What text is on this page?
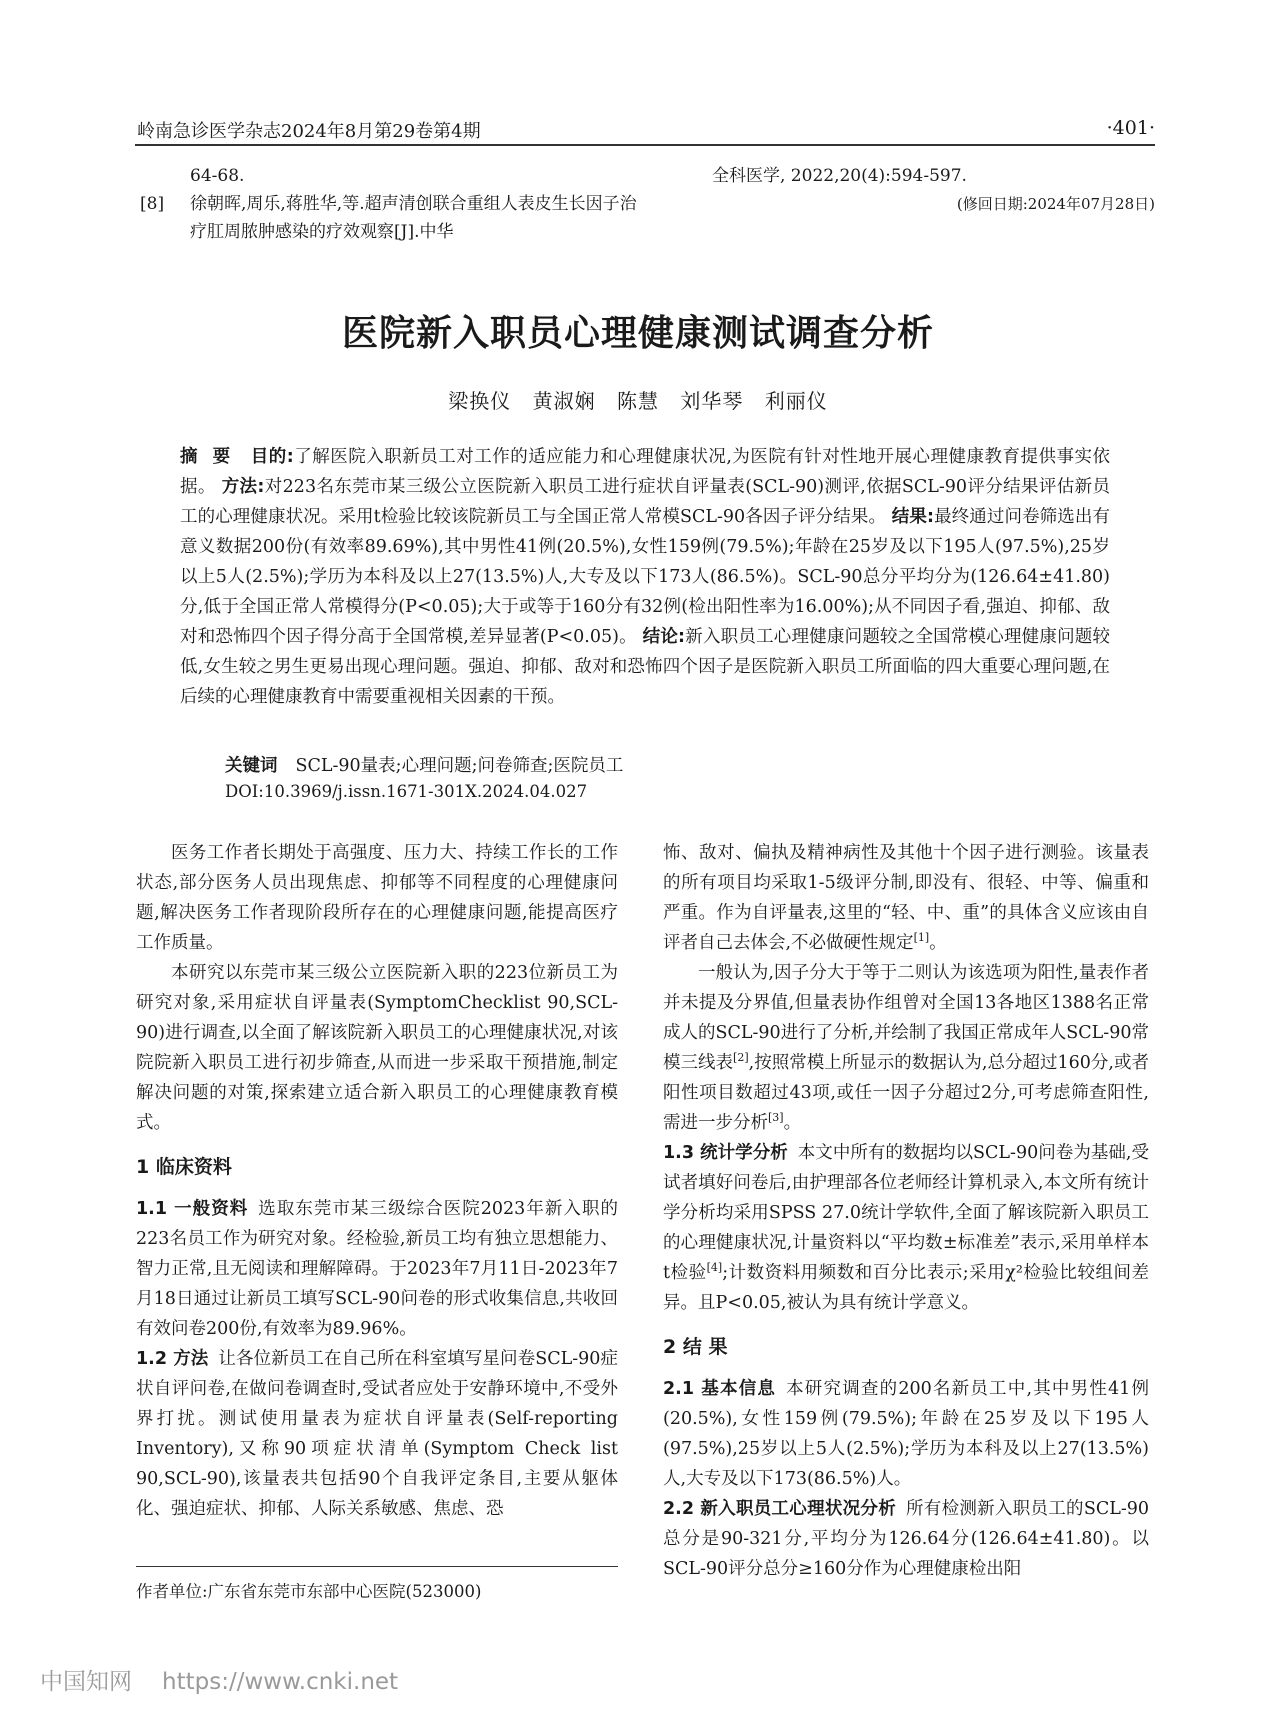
岭南急诊医学杂志2024年8月第29卷第4期	·401·
64-68.
[8]	徐朝晖,周乐,蒋胜华,等.超声清创联合重组人表皮生长因子治疗肛周脓肿感染的疗效观察[J].中华
全科医学, 2022,20(4):594-597.
(修回日期:2024年07月28日)
医院新入职员心理健康测试调查分析
梁换仪 黄淑娴 陈慧 刘华琴 利丽仪
摘 要 目的:了解医院入职新员工对工作的适应能力和心理健康状况,为医院有针对性地开展心理健康教育提供事实依据。 方法:对223名东莞市某三级公立医院新入职员工进行症状自评量表(SCL-90)测评,依据SCL-90评分结果评估新员工的心理健康状况。采用t检验比较该院新员工与全国正常人常模SCL-90各因子评分结果。 结果:最终通过问卷筛选出有意义数据200份(有效率89.69%),其中男性41例(20.5%),女性159例(79.5%);年龄在25岁及以下195人(97.5%),25岁以上5人(2.5%);学历为本科及以上27(13.5%)人,大专及以下173人(86.5%)。SCL-90总分平均分为(126.64±41.80)分,低于全国正常人常模得分(P<0.05);大于或等于160分有32例(检出阳性率为16.00%);从不同因子看,强迫、抑郁、敌对和恐怖四个因子得分高于全国常模,差异显著(P<0.05)。 结论:新入职员工心理健康问题较之全国常模心理健康问题较低,女生较之男生更易出现心理问题。强迫、抑郁、敌对和恐怖四个因子是医院新入职员工所面临的四大重要心理问题,在后续的心理健康教育中需要重视相关因素的干预。
关键词 SCL-90量表;心理问题;问卷筛查;医院员工
DOI:10.3969/j.issn.1671-301X.2024.04.027

医务工作者长期处于高强度、压力大、持续工作长的工作状态,部分医务人员出现焦虑、抑郁等不同程度的心理健康问题,解决医务工作者现阶段所存在的心理健康问题,能提高医疗工作质量。

本研究以东莞市某三级公立医院新入职的223位新员工为研究对象,采用症状自评量表(SymptomChecklist 90,SCL-90)进行调查,以全面了解该院新入职员工的心理健康状况,对该院院新入职员工进行初步筛查,从而进一步采取干预措施,制定解决问题的对策,探索建立适合新入职员工的心理健康教育模式。

1 临床资料

1.1 一般资料 选取东莞市某三级综合医院2023年新入职的223名员工作为研究对象。经检验,新员工均有独立思想能力、智力正常,且无阅读和理解障碍。于2023年7月11日-2023年7月18日通过让新员工填写SCL-90问卷的形式收集信息,共收回有效问卷200份,有效率为89.96%。

1.2 方法 让各位新员工在自己所在科室填写星问卷SCL-90症状自评问卷,在做问卷调查时,受试者应处于安静环境中,不受外界打扰。测试使用量表为症状自评量表(Self-reporting Inventory),又称90项症状清单(Symptom Check list 90,SCL-90),该量表共包括90个自我评定条目,主要从躯体化、强迫症状、抑郁、人际关系敏感、焦虑、恐

怖、敌对、偏执及精神病性及其他十个因子进行测验。该量表的所有项目均采取1-5级评分制,即没有、很轻、中等、偏重和严重。作为自评量表,这里的“轻、中、重”的具体含义应该由自评者自己去体会,不必做硬性规定[1]。

一般认为,因子分大于等于二则认为该选项为阳性,量表作者并未提及分界值,但量表协作组曾对全国13各地区1388名正常成人的SCL-90进行了分析,并绘制了我国正常成年人SCL-90常模三线表[2],按照常模上所显示的数据认为,总分超过160分,或者阳性项目数超过43项,或任一因子分超过2分,可考虑筛查阳性,需进一步分析[3]。

1.3 统计学分析 本文中所有的数据均以SCL-90问卷为基础,受试者填好问卷后,由护理部各位老师经计算机录入,本文所有统计学分析均采用SPSS 27.0统计学软件,全面了解该院新入职员工的心理健康状况,计量资料以“平均数±标准差”表示,采用单样本t检验[4];计数资料用频数和百分比表示;采用χ²检验比较组间差异。且P<0.05,被认为具有统计学意义。

2 结 果

2.1 基本信息 本研究调查的200名新员工中,其中男性41例(20.5%),女性159例(79.5%);年龄在25岁及以下195人(97.5%),25岁以上5人(2.5%);学历为本科及以上27(13.5%)人,大专及以下173(86.5%)人。

2.2 新入职员工心理状况分析 所有检测新入职员工的SCL-90总分是90-321分,平均分为126.64分(126.64±41.80)。以SCL-90评分总分≥160分作为心理健康检出阳

作者单位:广东省东莞市东部中心医院(523000)
中国知网 https://www.cnki.net
